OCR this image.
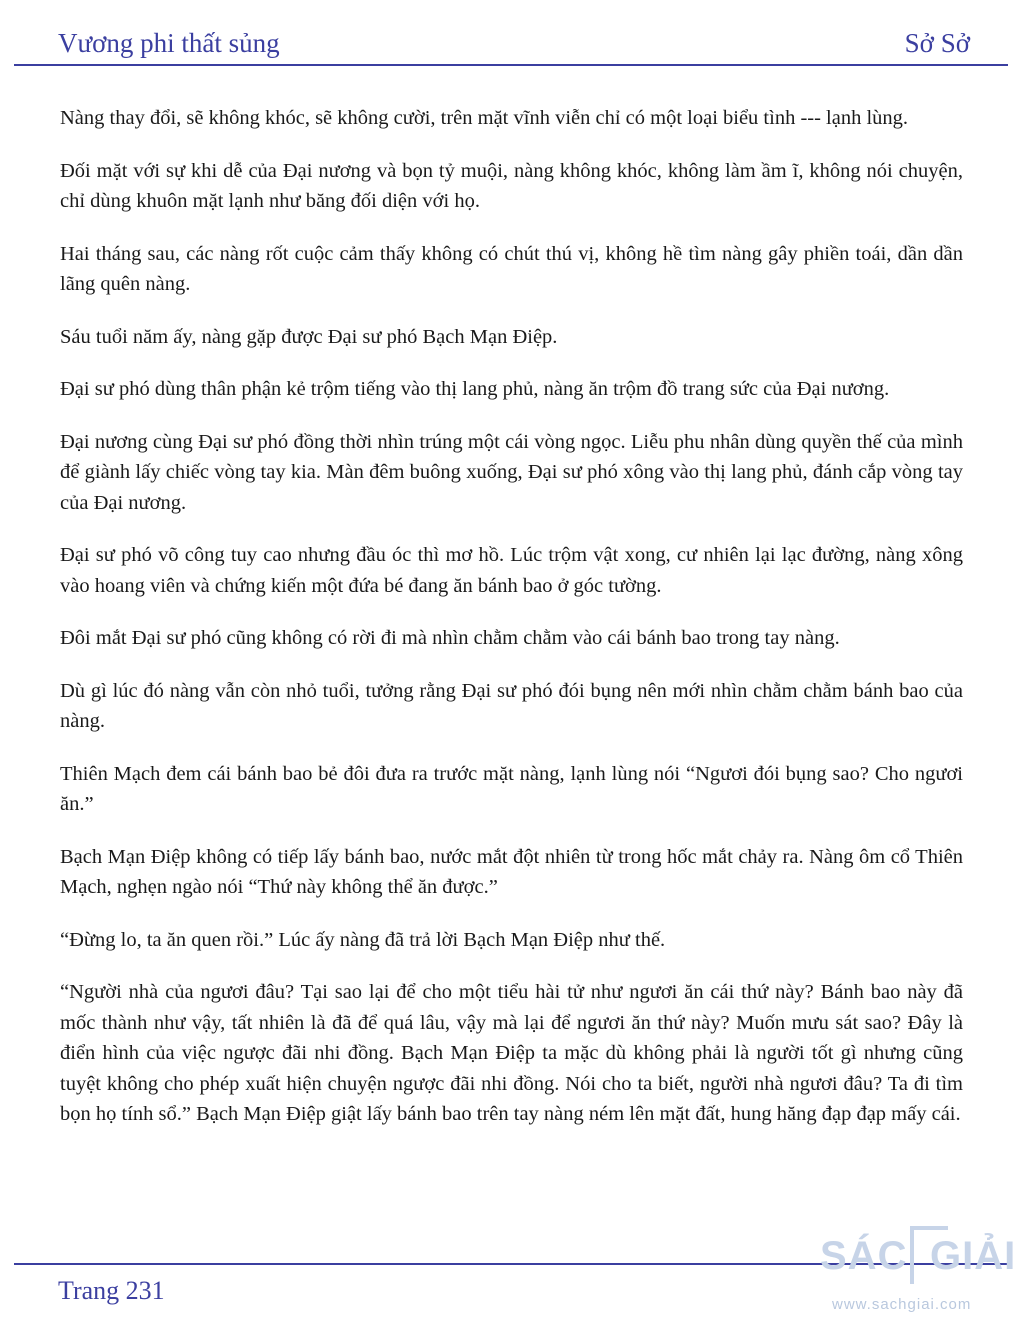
Vương phi thất sủng	Sở Sở

Nàng thay đổi, sẽ không khóc, sẽ không cười, trên mặt vĩnh viễn chỉ có một loại biểu tình --- lạnh lùng.

Đối mặt với sự khi dễ của Đại nương và bọn tỷ muội, nàng không khóc, không làm ầm ĩ, không nói chuyện, chỉ dùng khuôn mặt lạnh như băng đối diện với họ.

Hai tháng sau, các nàng rốt cuộc cảm thấy không có chút thú vị, không hề tìm nàng gây phiền toái, dần dần lãng quên nàng.

Sáu tuổi năm ấy, nàng gặp được Đại sư phó Bạch Mạn Điệp.

Đại sư phó dùng thân phận kẻ trộm tiếng vào thị lang phủ, nàng ăn trộm đồ trang sức của Đại nương.

Đại nương cùng Đại sư phó đồng thời nhìn trúng một cái vòng ngọc. Liễu phu nhân dùng quyền thế của mình để giành lấy chiếc vòng tay kia. Màn đêm buông xuống, Đại sư phó xông vào thị lang phủ, đánh cắp vòng tay của Đại nương.

Đại sư phó võ công tuy cao nhưng đầu óc thì mơ hồ. Lúc trộm vật xong, cư nhiên lại lạc đường, nàng xông vào hoang viên và chứng kiến một đứa bé đang ăn bánh bao ở góc tường.

Đôi mắt Đại sư phó cũng không có rời đi mà nhìn chằm chằm vào cái bánh bao trong tay nàng.

Dù gì lúc đó nàng vẫn còn nhỏ tuổi, tưởng rằng Đại sư phó đói bụng nên mới nhìn chằm chằm bánh bao của nàng.

Thiên Mạch đem cái bánh bao bẻ đôi đưa ra trước mặt nàng, lạnh lùng nói “Ngươi đói bụng sao? Cho ngươi ăn.”

Bạch Mạn Điệp không có tiếp lấy bánh bao, nước mắt đột nhiên từ trong hốc mắt chảy ra. Nàng ôm cổ Thiên Mạch, nghẹn ngào nói “Thứ này không thể ăn được.”

“Đừng lo, ta ăn quen rồi.” Lúc ấy nàng đã trả lời Bạch Mạn Điệp như thế.

“Người nhà của ngươi đâu? Tại sao lại để cho một tiểu hài tử như ngươi ăn cái thứ này? Bánh bao này đã mốc thành như vậy, tất nhiên là đã để quá lâu, vậy mà lại để ngươi ăn thứ này? Muốn mưu sát sao? Đây là điển hình của việc ngược đãi nhi đồng. Bạch Mạn Điệp ta mặc dù không phải là người tốt gì nhưng cũng tuyệt không cho phép xuất hiện chuyện ngược đãi nhi đồng. Nói cho ta biết, người nhà ngươi đâu? Ta đi tìm bọn họ tính sổ.” Bạch Mạn Điệp giật lấy bánh bao trên tay nàng ném lên mặt đất, hung hăng đạp đạp mấy cái.

Trang 231
SÁC GIẢI
www.sachgiai.com
